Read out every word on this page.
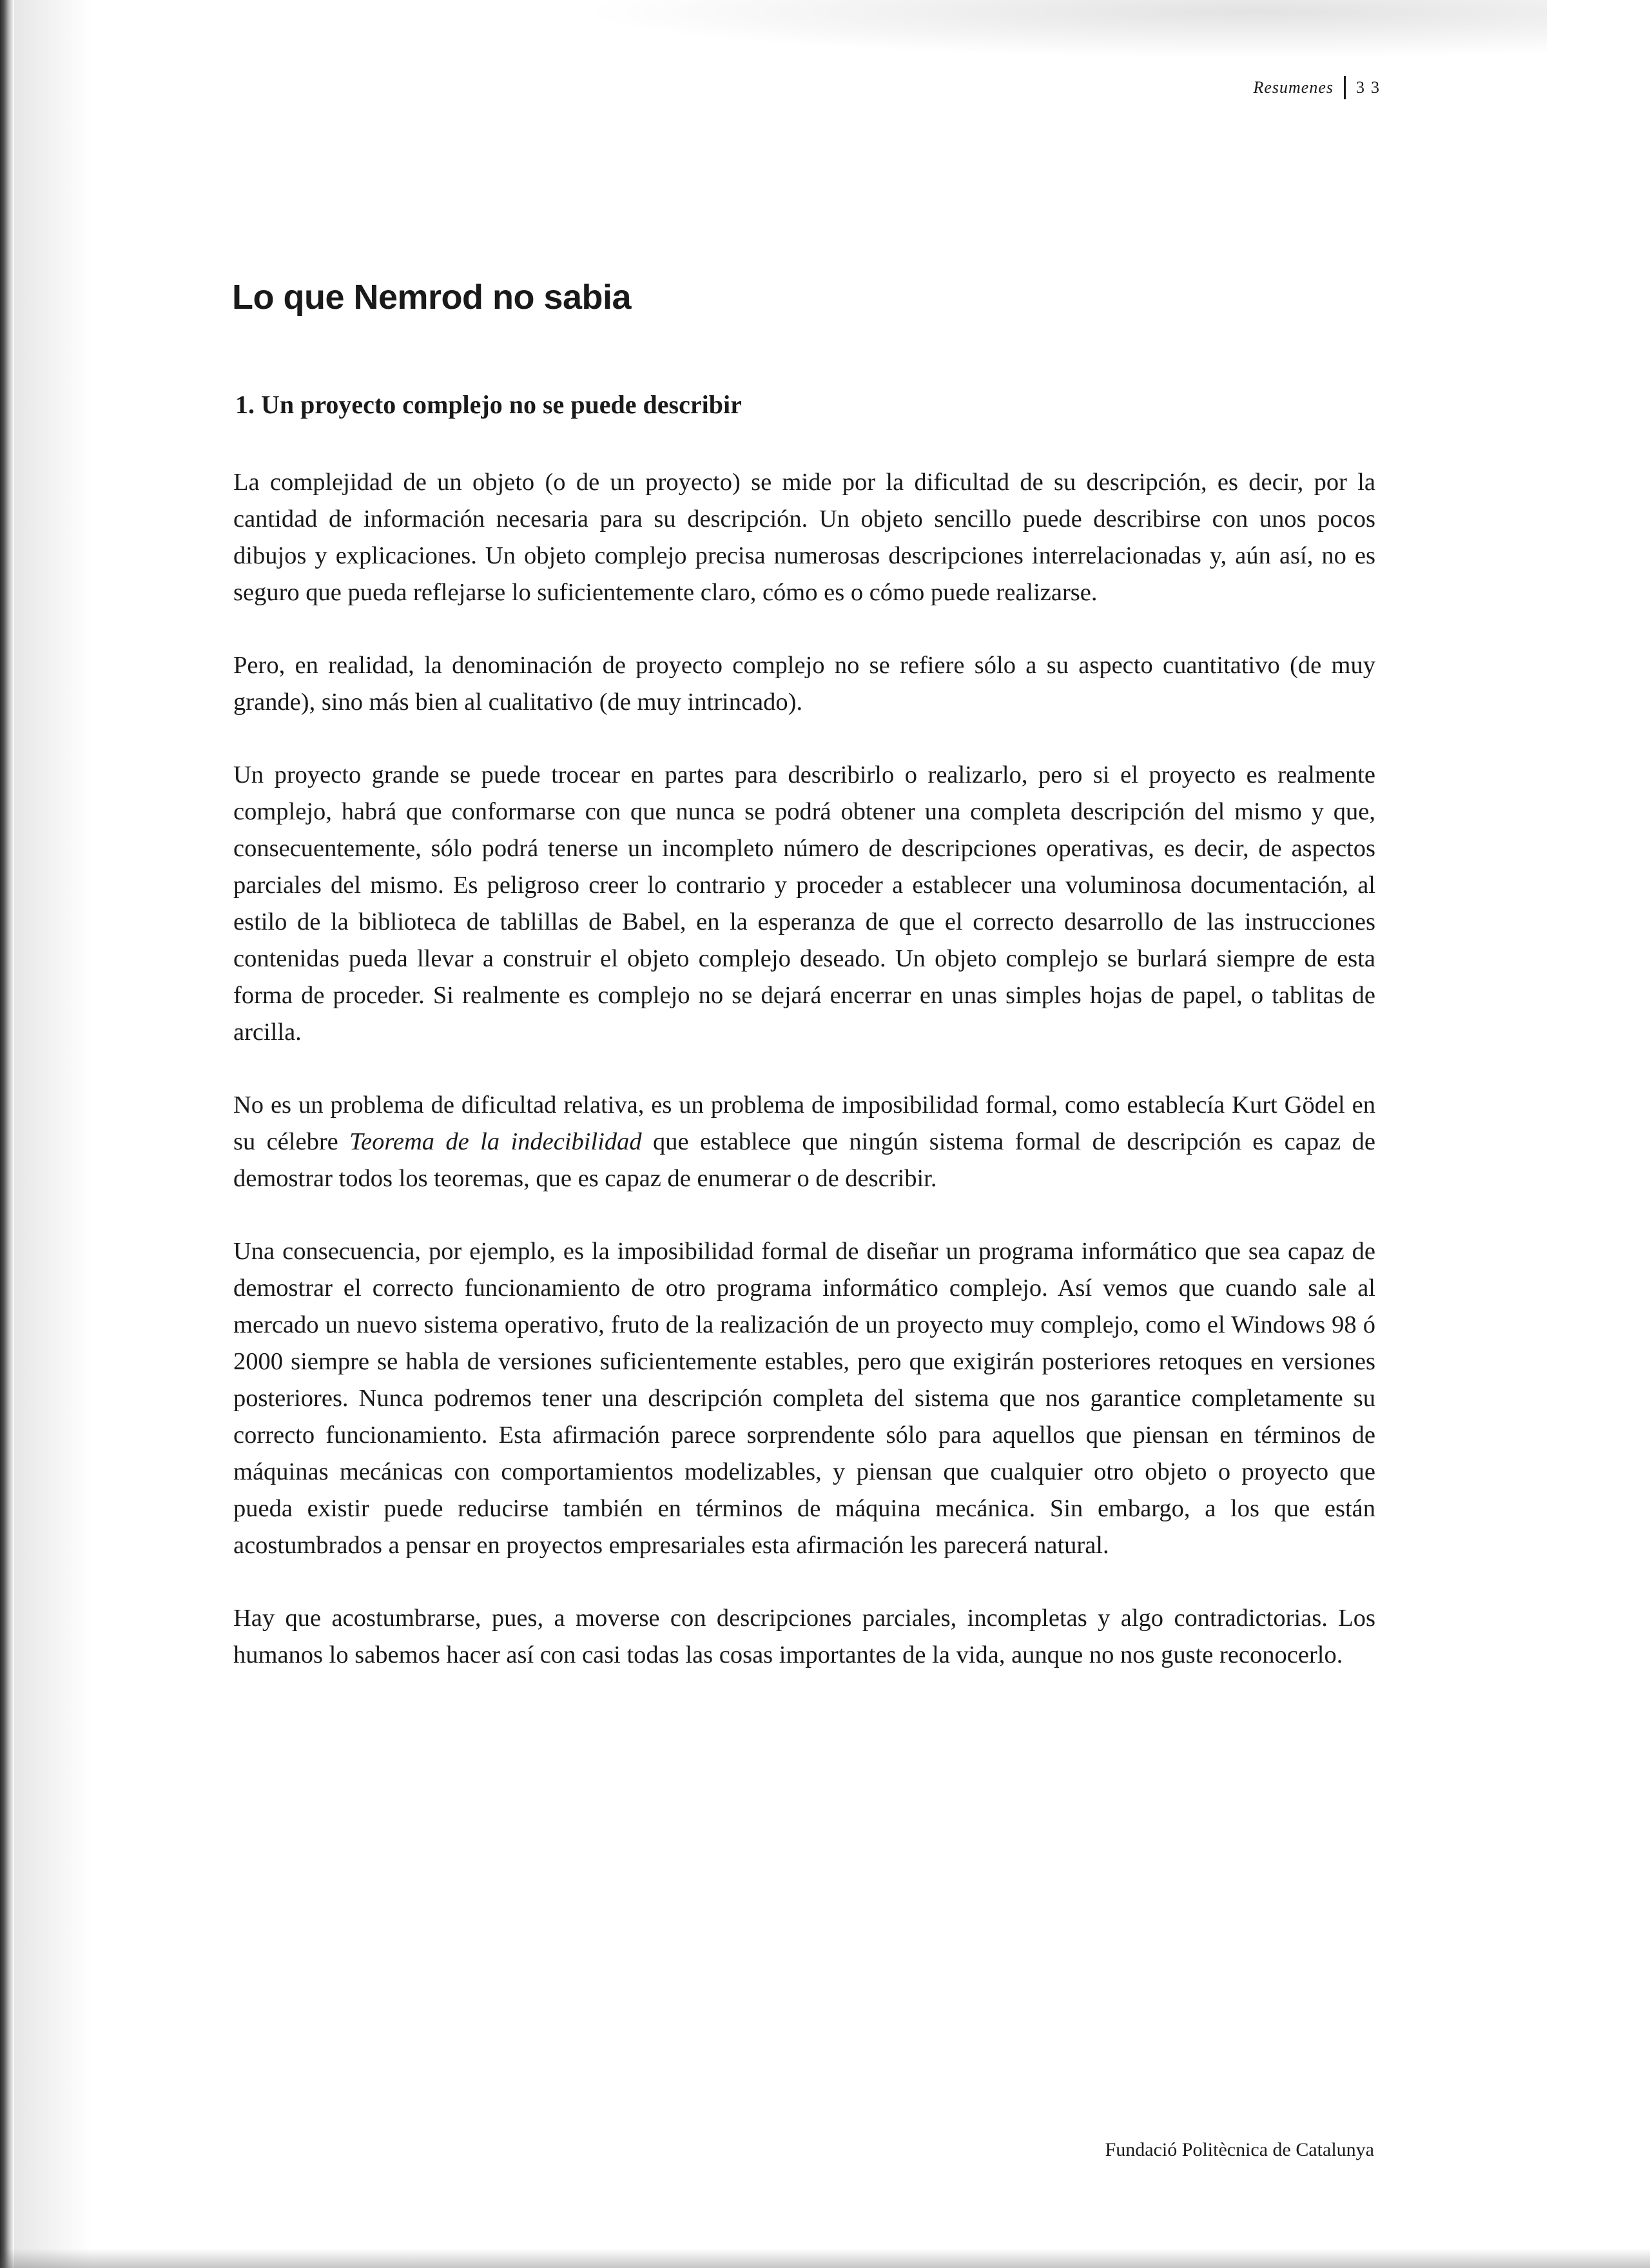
Resumenes 33
Lo que Nemrod no sabia
1. Un proyecto complejo no se puede describir

La complejidad de un objeto (o de un proyecto) se mide por la dificultad de su descripción, es decir, por la cantidad de información necesaria para su descripción. Un objeto sencillo puede describirse con unos pocos dibujos y explicaciones. Un objeto complejo precisa numerosas descripciones interrelacionadas y, aún así, no es seguro que pueda reflejarse lo suficientemente claro, cómo es o cómo puede realizarse.

Pero, en realidad, la denominación de proyecto complejo no se refiere sólo a su aspecto cuantitativo (de muy grande), sino más bien al cualitativo (de muy intrincado).

Un proyecto grande se puede trocear en partes para describirlo o realizarlo, pero si el proyecto es realmente complejo, habrá que conformarse con que nunca se podrá obtener una completa descripción del mismo y que, consecuentemente, sólo podrá tenerse un incompleto número de descripciones operativas, es decir, de aspectos parciales del mismo. Es peligroso creer lo contrario y proceder a establecer una voluminosa documentación, al estilo de la biblioteca de tablillas de Babel, en la esperanza de que el correcto desarrollo de las instrucciones contenidas pueda llevar a construir el objeto complejo deseado. Un objeto complejo se burlará siempre de esta forma de proceder. Si realmente es complejo no se dejará encerrar en unas simples hojas de papel, o tablitas de arcilla.

No es un problema de dificultad relativa, es un problema de imposibilidad formal, como establecía Kurt Gödel en su célebre Teorema de la indecibilidad que establece que ningún sistema formal de descripción es capaz de demostrar todos los teoremas, que es capaz de enumerar o de describir.

Una consecuencia, por ejemplo, es la imposibilidad formal de diseñar un programa informático que sea capaz de demostrar el correcto funcionamiento de otro programa informático complejo. Así vemos que cuando sale al mercado un nuevo sistema operativo, fruto de la realización de un proyecto muy complejo, como el Windows 98 ó 2000 siempre se habla de versiones suficientemente estables, pero que exigirán posteriores retoques en versiones posteriores. Nunca podremos tener una descripción completa del sistema que nos garantice completamente su correcto funcionamiento. Esta afirmación parece sorprendente sólo para aquellos que piensan en términos de máquinas mecánicas con comportamientos modelizables, y piensan que cualquier otro objeto o proyecto que pueda existir puede reducirse también en términos de máquina mecánica. Sin embargo, a los que están acostumbrados a pensar en proyectos empresariales esta afirmación les parecerá natural.

Hay que acostumbrarse, pues, a moverse con descripciones parciales, incompletas y algo contradictorias. Los humanos lo sabemos hacer así con casi todas las cosas importantes de la vida, aunque no nos guste reconocerlo.

Fundació Politècnica de Catalunya
